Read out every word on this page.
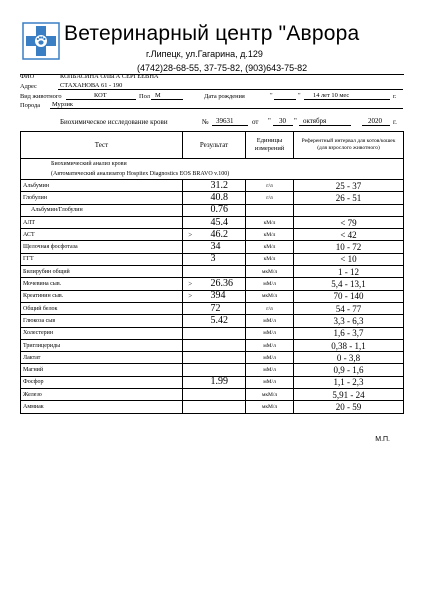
Ветеринарный центр "Аврора
г.Липецк, ул.Гагарина, д.129
(4742)28-68-55, 37-75-82, (903)643-75-82
ФИО	КОЛБАСИНА ОЛЬГА СЕРГЕЕВНА
Адрес	СТАХАНОВА 61 - 190
Вид животного	КОТ	Пол М	Дата рождения	"	" 14 лет 10 мес	г.
Порода Мурзик
Биохимическое исследование крови	№ 39631	от " 30 " октября	2020 г.
Тест	Результат		Единицы измерений	Референтный интервал для котов/кошек (для взрослого животного)

Биохимический анализ крови
(Автоматический анализатор Hospitex Diagnostics EOS BRAVO v.100)				

Альбумин		31.2	г/л	25 - 37
Глобулин		40.8	г/л	26 - 51
Альбумин/Глобулин		0.76		
АЛТ		45.4	кМ/л	< 79
АСТ	>	46.2	кМ/л	< 42
Щелочная фосфотаза		34	кМ/л	10 - 72
ГГТ		3	кМ/л	< 10
Билирубин общий			мкМ/л	1 - 12
Мочевина сыв.	>	26.36	мМ/л	5,4 - 13,1
Креатинин сыв.	>	394	мкМ/л	70 - 140
Общий белок		72	г/л	54 - 77
Глюкоза сыв		5.42	мМ/л	3,3 - 6,3
Холестерин			мМ/л	1,6 - 3,7
Триглицериды			мМ/л	0,38 - 1,1
Лактат			мМ/л	0 - 3,8
Магний			мМ/л	0,9 - 1,6
Фосфор		1.99	мМ/л	1,1 - 2,3
Железо			мкМ/л	5,91 - 24
Аммиак			мкМ/л	20 - 59
М.П.
